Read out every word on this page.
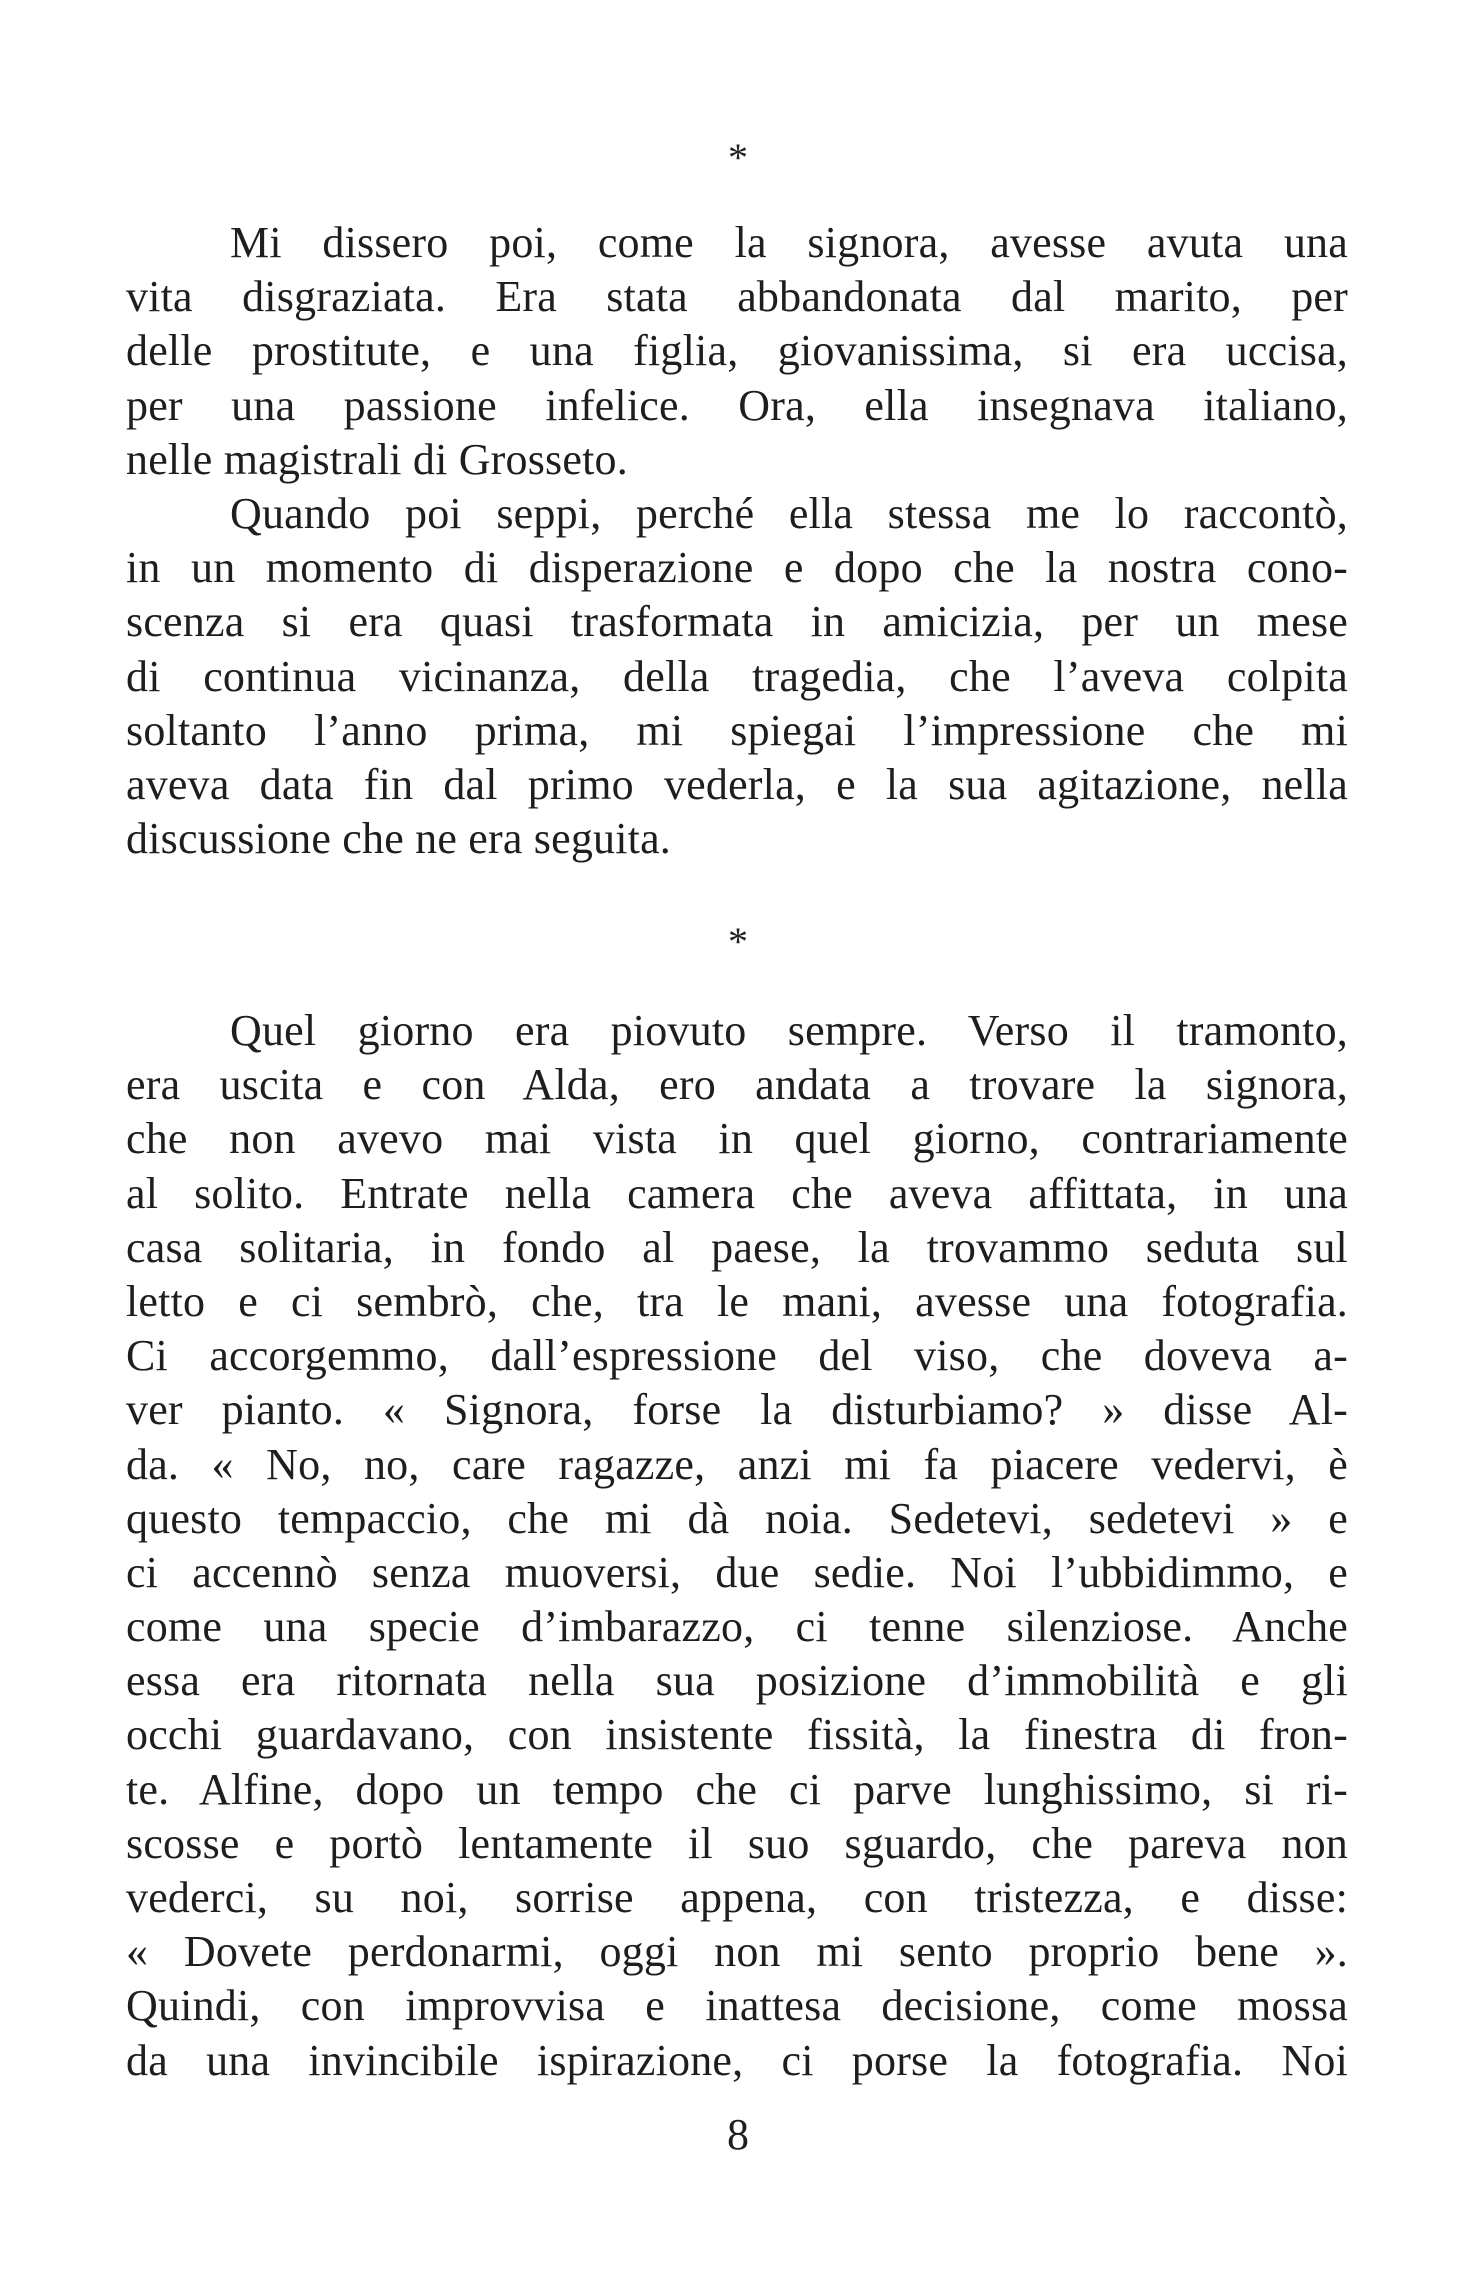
*
Mi dissero poi, come la signora, avesse avuta una
vita disgraziata. Era stata abbandonata dal marito, per
delle prostitute, e una figlia, giovanissima, si era uccisa,
per una passione infelice. Ora, ella insegnava italiano,
nelle magistrali di Grosseto.
Quando poi seppi, perché ella stessa me lo raccontò,
in un momento di disperazione e dopo che la nostra cono-
scenza si era quasi trasformata in amicizia, per un mese
di continua vicinanza, della tragedia, che l’aveva colpita
soltanto l’anno prima, mi spiegai l’impressione che mi
aveva data fin dal primo vederla, e la sua agitazione, nella
discussione che ne era seguita.
*
Quel giorno era piovuto sempre. Verso il tramonto,
era uscita e con Alda, ero andata a trovare la signora,
che non avevo mai vista in quel giorno, contrariamente
al solito. Entrate nella camera che aveva affittata, in una
casa solitaria, in fondo al paese, la trovammo seduta sul
letto e ci sembrò, che, tra le mani, avesse una fotografia.
Ci accorgemmo, dall’espressione del viso, che doveva a-
ver pianto. « Signora, forse la disturbiamo? » disse Al-
da. « No, no, care ragazze, anzi mi fa piacere vedervi, è
questo tempaccio, che mi dà noia. Sedetevi, sedetevi » e
ci accennò senza muoversi, due sedie. Noi l’ubbidimmo, e
come una specie d’imbarazzo, ci tenne silenziose. Anche
essa era ritornata nella sua posizione d’immobilità e gli
occhi guardavano, con insistente fissità, la finestra di fron-
te. Alfine, dopo un tempo che ci parve lunghissimo, si ri-
scosse e portò lentamente il suo sguardo, che pareva non
vederci, su noi, sorrise appena, con tristezza, e disse:
« Dovete perdonarmi, oggi non mi sento proprio bene ».
Quindi, con improvvisa e inattesa decisione, come mossa
da una invincibile ispirazione, ci porse la fotografia. Noi
8
